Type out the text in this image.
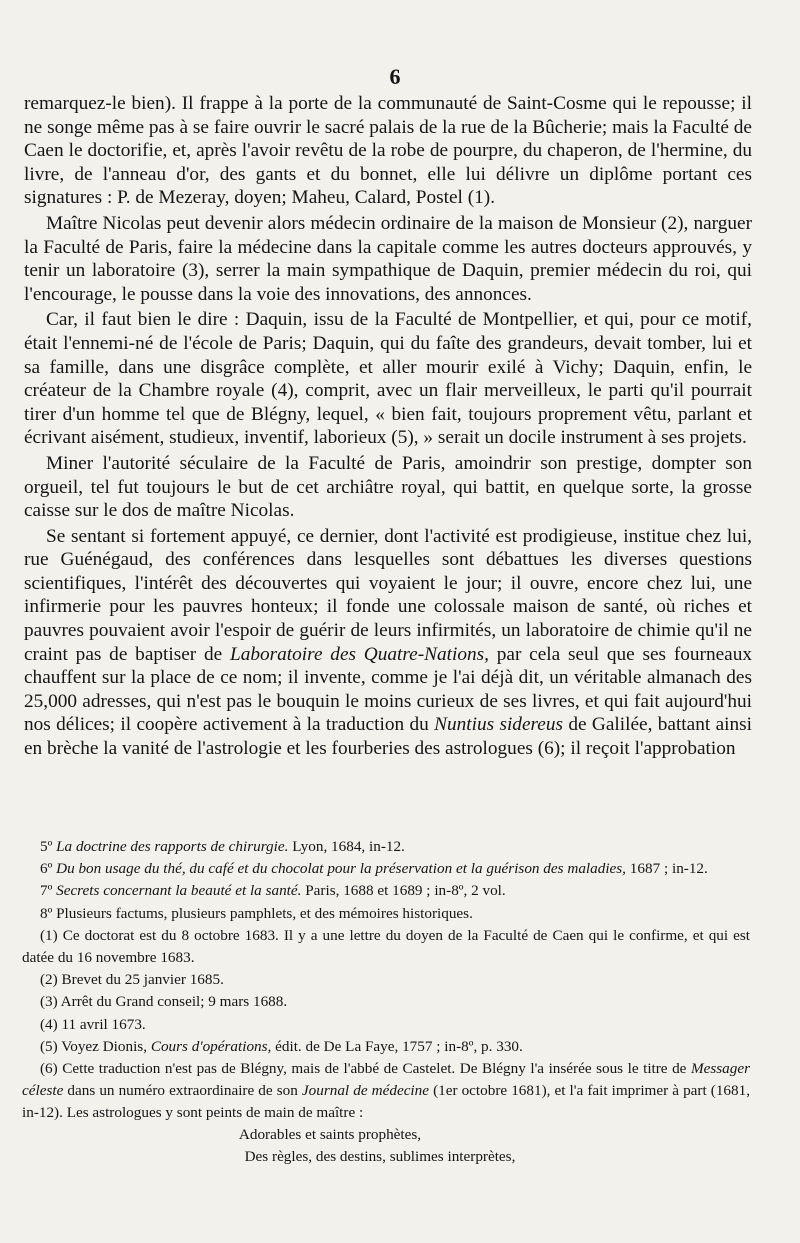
6

remarquez-le bien). Il frappe à la porte de la communauté de Saint-Cosme qui le repousse; il ne songe même pas à se faire ouvrir le sacré palais de la rue de la Bûcherie; mais la Faculté de Caen le doctorifie, et, après l'avoir revêtu de la robe de pourpre, du chaperon, de l'hermine, du livre, de l'anneau d'or, des gants et du bonnet, elle lui délivre un diplôme portant ces signatures : P. de Mezeray, doyen; Maheu, Calard, Postel (1).

Maître Nicolas peut devenir alors médecin ordinaire de la maison de Monsieur (2), narguer la Faculté de Paris, faire la médecine dans la capitale comme les autres docteurs approuvés, y tenir un laboratoire (3), serrer la main sympathique de Daquin, premier médecin du roi, qui l'encourage, le pousse dans la voie des innovations, des annonces.

Car, il faut bien le dire : Daquin, issu de la Faculté de Montpellier, et qui, pour ce motif, était l'ennemi-né de l'école de Paris; Daquin, qui du faîte des grandeurs, devait tomber, lui et sa famille, dans une disgrâce complète, et aller mourir exilé à Vichy; Daquin, enfin, le créateur de la Chambre royale (4), comprit, avec un flair merveilleux, le parti qu'il pourrait tirer d'un homme tel que de Blégny, lequel, « bien fait, toujours proprement vêtu, parlant et écrivant aisément, studieux, inventif, laborieux (5), » serait un docile instrument à ses projets.

Miner l'autorité séculaire de la Faculté de Paris, amoindrir son prestige, dompter son orgueil, tel fut toujours le but de cet archiâtre royal, qui battit, en quelque sorte, la grosse caisse sur le dos de maître Nicolas.

Se sentant si fortement appuyé, ce dernier, dont l'activité est prodigieuse, institue chez lui, rue Guénégaud, des conférences dans lesquelles sont débattues les diverses questions scientifiques, l'intérêt des découvertes qui voyaient le jour; il ouvre, encore chez lui, une infirmerie pour les pauvres honteux; il fonde une colossale maison de santé, où riches et pauvres pouvaient avoir l'espoir de guérir de leurs infirmités, un laboratoire de chimie qu'il ne craint pas de baptiser de Laboratoire des Quatre-Nations, par cela seul que ses fourneaux chauffent sur la place de ce nom; il invente, comme je l'ai déjà dit, un véritable almanach des 25,000 adresses, qui n'est pas le bouquin le moins curieux de ses livres, et qui fait aujourd'hui nos délices; il coopère activement à la traduction du Nuntius sidereus de Galilée, battant ainsi en brèche la vanité de l'astrologie et les fourberies des astrologues (6); il reçoit l'approbation

5º La doctrine des rapports de chirurgie. Lyon, 1684, in-12.

6º Du bon usage du thé, du café et du chocolat pour la préservation et la guérison des maladies, 1687 ; in-12.

7º Secrets concernant la beauté et la santé. Paris, 1688 et 1689 ; in-8º, 2 vol.

8º Plusieurs factums, plusieurs pamphlets, et des mémoires historiques.

(1) Ce doctorat est du 8 octobre 1683. Il y a une lettre du doyen de la Faculté de Caen qui le confirme, et qui est datée du 16 novembre 1683.

(2) Brevet du 25 janvier 1685.

(3) Arrêt du Grand conseil; 9 mars 1688.

(4) 11 avril 1673.

(5) Voyez Dionis, Cours d'opérations, édit. de De La Faye, 1757 ; in-8º, p. 330.

(6) Cette traduction n'est pas de Blégny, mais de l'abbé de Castelet. De Blégny l'a insérée sous le titre de Messager céleste dans un numéro extraordinaire de son Journal de médecine (1er octobre 1681), et l'a fait imprimer à part (1681, in-12). Les astrologues y sont peints de main de maître :

Adorables et saints prophètes,
Des règles, des destins, sublimes interprètes,
